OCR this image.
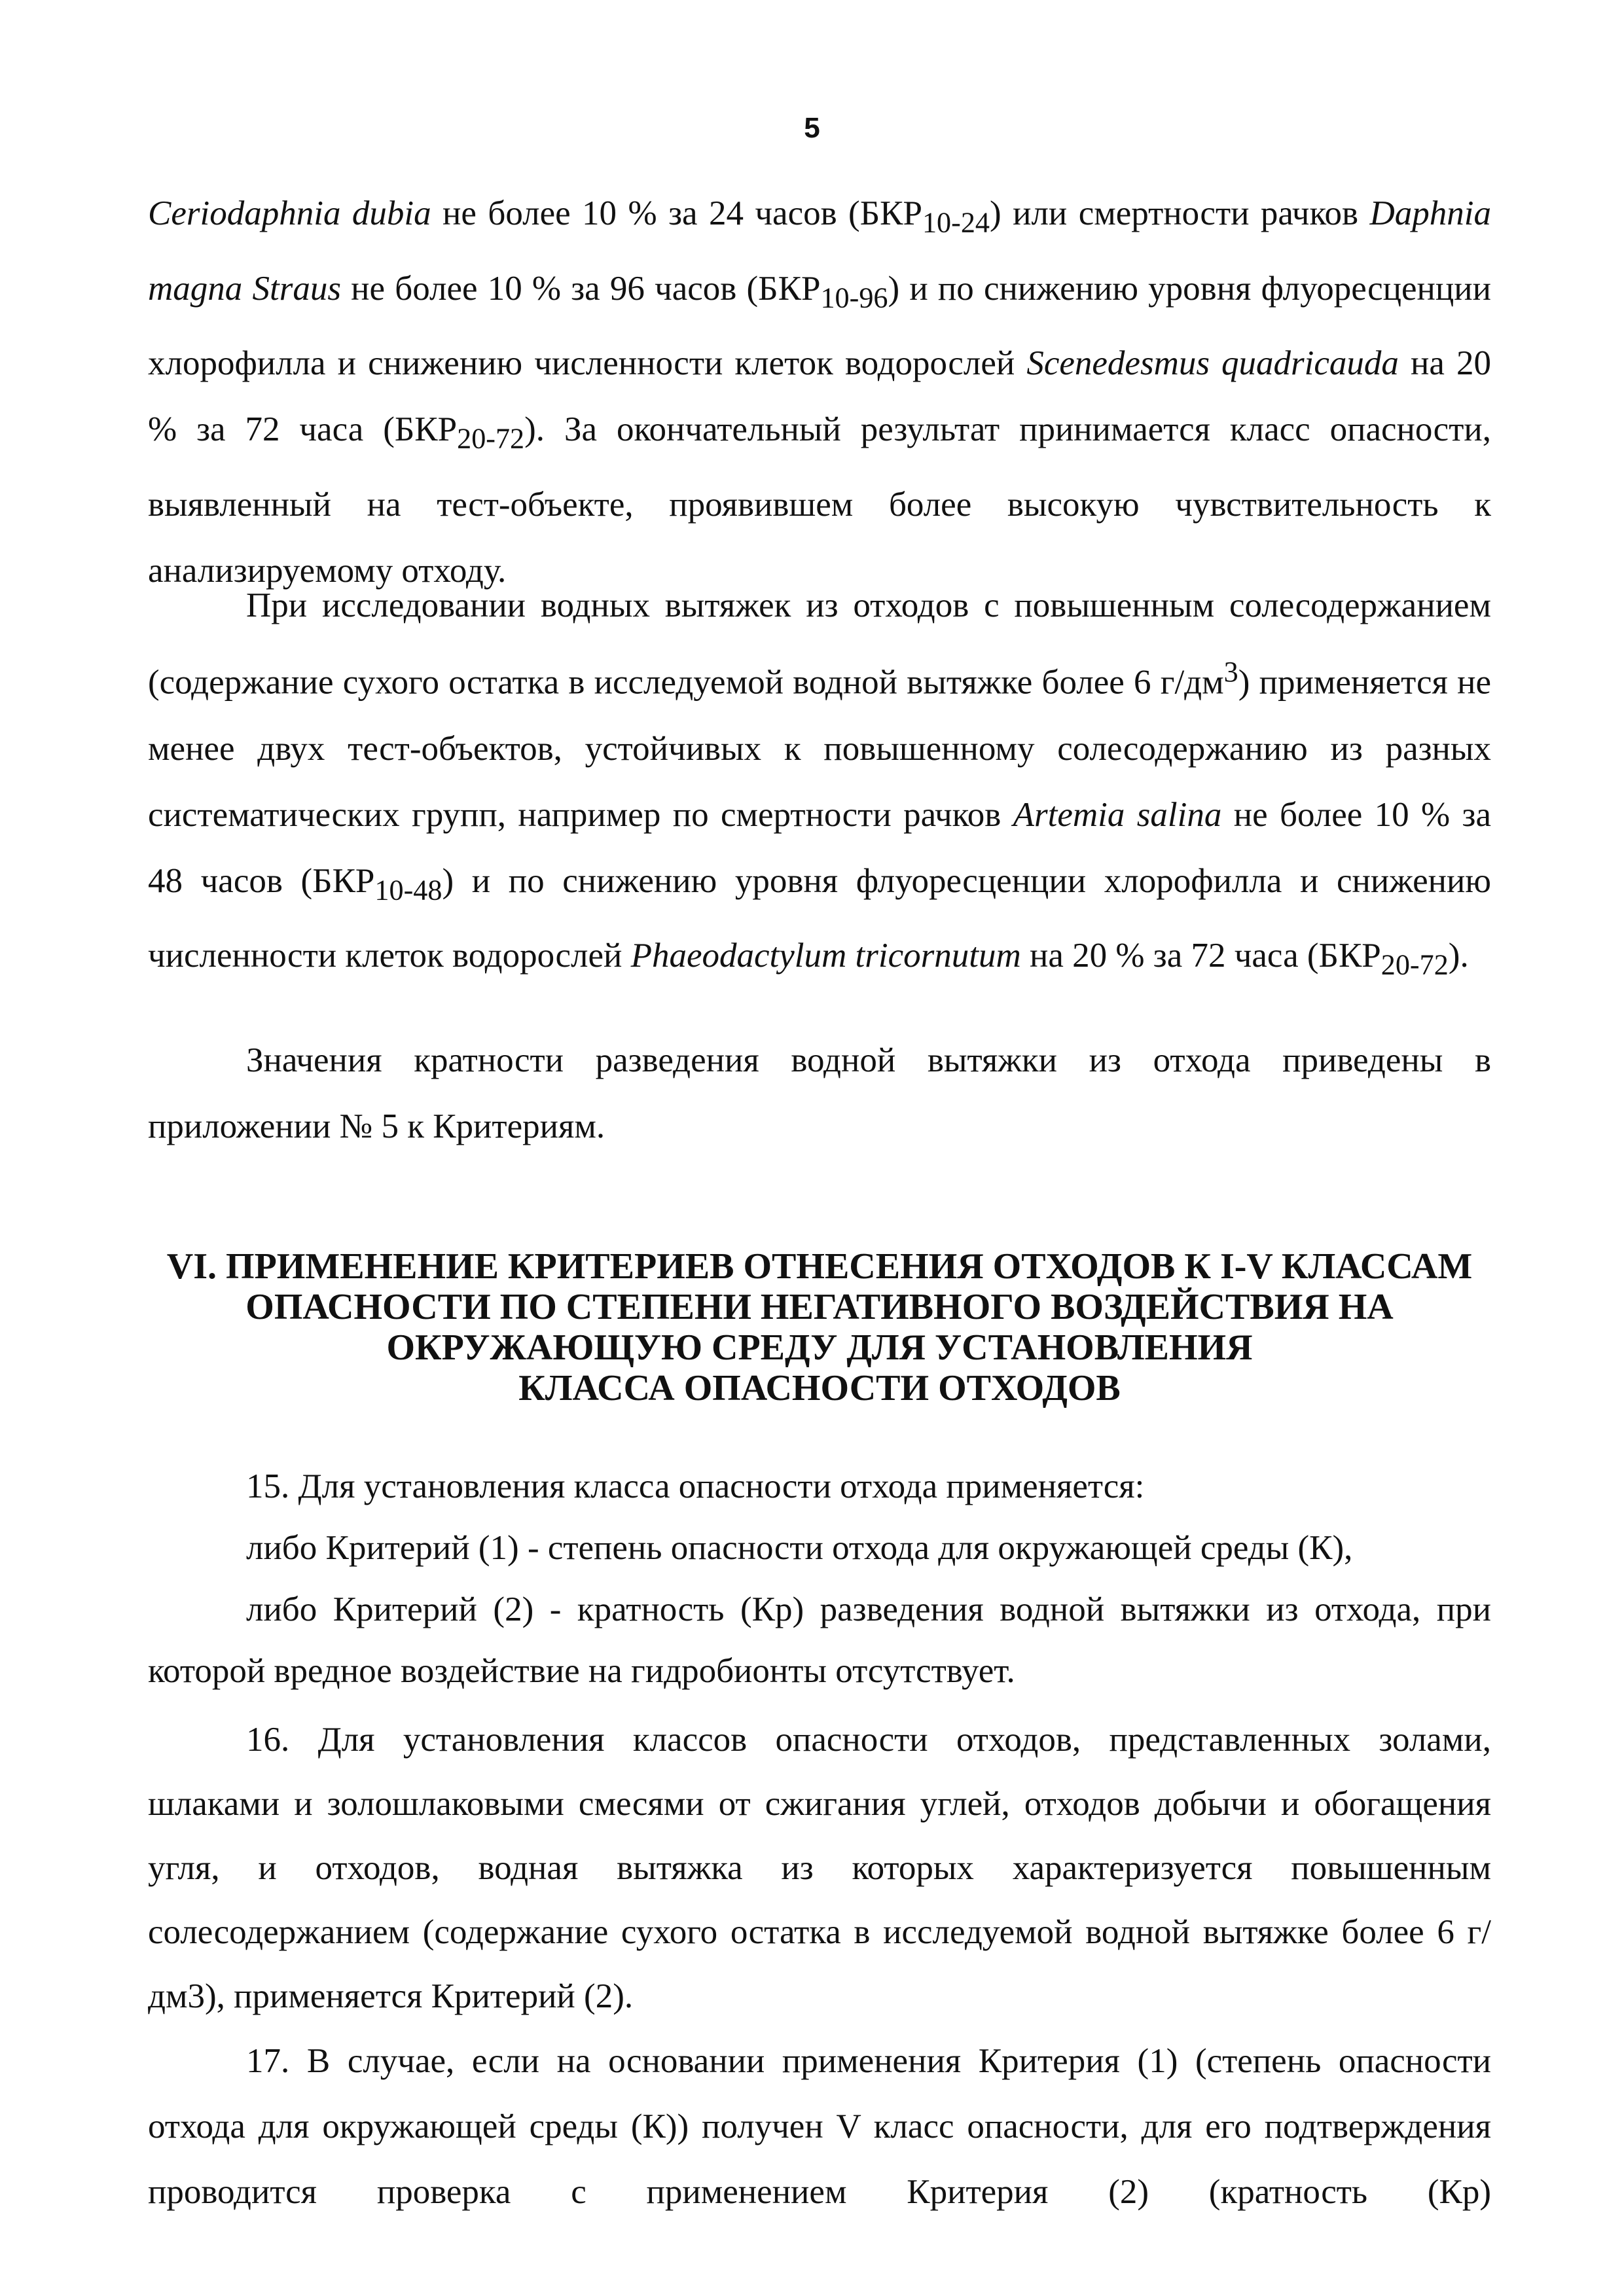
5

Ceriodaphnia dubia не более 10 % за 24 часов $(БКР_{10-24})$ или смертности рачков Daphnia magna Straus не более 10 % за 96 часов $(БКР_{10-96})$ и по снижению уровня флуоресценции хлорофилла и снижению численности клеток водорослей Scenedesmus quadricauda на 20 % за 72 часа $(БКР_{20-72})$. За окончательный результат принимается класс опасности, выявленный на тест-объекте, проявившем более высокую чувствительность к анализируемому отходу.

При исследовании водных вытяжек из отходов с повышенным солесодержанием (содержание сухого остатка в исследуемой водной вытяжке более 6 $г/дм^3$) применяется не менее двух тест-объектов, устойчивых к повышенному солесодержанию из разных систематических групп, например по смертности рачков Artemia salina не более 10 % за 48 часов $(БКР_{10-48})$ и по снижению уровня флуоресценции хлорофилла и снижению численности клеток водорослей Phaeodactylum tricornutum на 20 % за 72 часа $(БКР_{20-72})$.

Значения кратности разведения водной вытяжки из отхода приведены в приложении № 5 к Критериям.

VI. ПРИМЕНЕНИЕ КРИТЕРИЕВ ОТНЕСЕНИЯ ОТХОДОВ К I-V КЛАССАМ
ОПАСНОСТИ ПО СТЕПЕНИ НЕГАТИВНОГО ВОЗДЕЙСТВИЯ НА
ОКРУЖАЮЩУЮ СРЕДУ ДЛЯ УСТАНОВЛЕНИЯ
КЛАССА ОПАСНОСТИ ОТХОДОВ

15. Для установления класса опасности отхода применяется:

либо Критерий (1) - степень опасности отхода для окружающей среды (К),

либо Критерий (2) - кратность (Кр) разведения водной вытяжки из отхода, при которой вредное воздействие на гидробионты отсутствует.

16. Для установления классов опасности отходов, представленных золами, шлаками и золошлаковыми смесями от сжигания углей, отходов добычи и обогащения угля, и отходов, водная вытяжка из которых характеризуется повышенным солесодержанием (содержание сухого остатка в исследуемой водной вытяжке более 6 г/дм3), применяется Критерий (2).

17. В случае, если на основании применения Критерия (1) (степень опасности отхода для окружающей среды (К)) получен V класс опасности, для его подтверждения проводится проверка с применением Критерия (2) (кратность (Кр)
